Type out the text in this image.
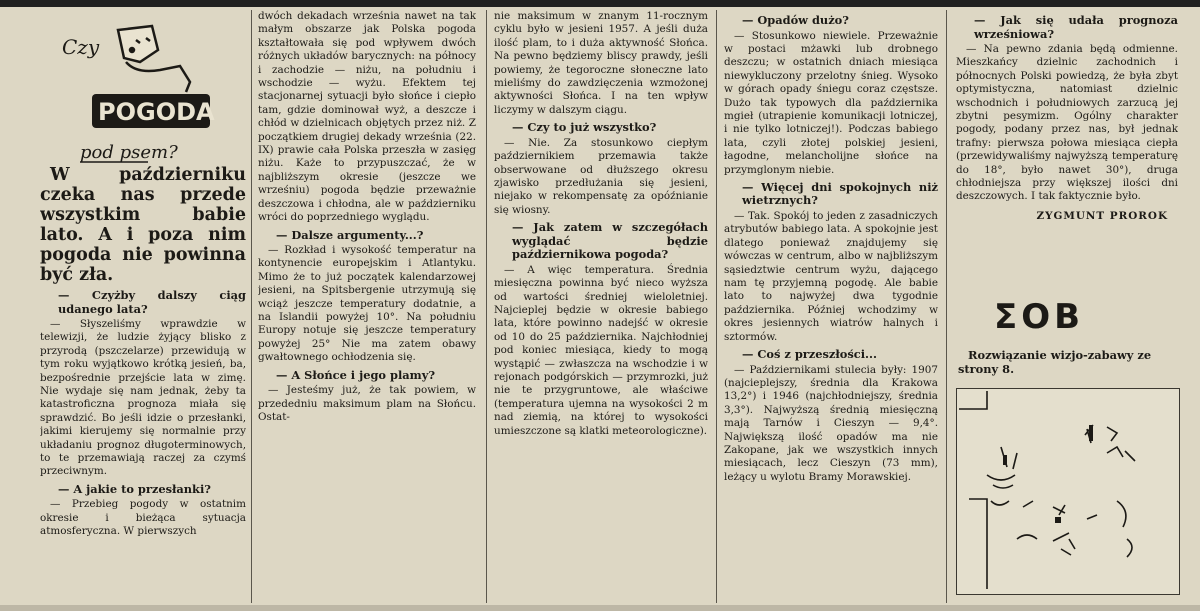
Czy
POGODA
pod psem?

W październiku czeka nas przede wszystkim babie lato. A i poza nim pogoda nie powinna być zła.

— Czyżby dalszy ciąg udanego lata?

— Słyszeliśmy wprawdzie w telewizji, że ludzie żyjący blisko z przyrodą (pszczelarze) przewidują w tym roku wyjątkowo krótką jesień, ba, bezpośrednie przejście lata w zimę. Nie wydaje się nam jednak, żeby ta katastroficzna prognoza miała się sprawdzić. Bo jeśli idzie o przesłanki, jakimi kierujemy się normalnie przy układaniu prognoz długoterminowych, to te przemawiają raczej za czymś przeciwnym.

— A jakie to przesłanki?

— Przebieg pogody w ostatnim okresie i bieżąca sytuacja atmosferyczna. W pierwszych

dwóch dekadach września nawet na tak małym obszarze jak Polska pogoda kształtowała się pod wpływem dwóch różnych układów barycznych: na północy i zachodzie — niżu, na południu i wschodzie — wyżu. Efektem tej stacjonarnej sytuacji było słońce i ciepło tam, gdzie dominował wyż, a deszcze i chłód w dzielnicach objętych przez niż. Z początkiem drugiej dekady września (22. IX) prawie cała Polska przeszła w zasięg niżu. Każe to przypuszczać, że w najbliższym okresie (jeszcze we wrześniu) pogoda będzie przeważnie deszczowa i chłodna, ale w październiku wróci do poprzedniego wyglądu.

— Dalsze argumenty...?

— Rozkład i wysokość temperatur na kontynencie europejskim i Atlantyku. Mimo że to już początek kalendarzowej jesieni, na Spitsbergenie utrzymują się wciąż jeszcze temperatury dodatnie, a na Islandii powyżej 10°. Na południu Europy notuje się jeszcze temperatury powyżej 25° Nie ma zatem obawy gwałtownego ochłodzenia się.

— A Słońce i jego plamy?

— Jesteśmy już, że tak powiem, w przededniu maksimum plam na Słońcu. Ostat-

nie maksimum w znanym 11-rocznym cyklu było w jesieni 1957. A jeśli duża ilość plam, to i duża aktywność Słońca. Na pewno będziemy bliscy prawdy, jeśli powiemy, że tegoroczne słoneczne lato mieliśmy do zawdzięczenia wzmożonej aktywności Słońca. I na ten wpływ liczymy w dalszym ciągu.

— Czy to już wszystko?

— Nie. Za stosunkowo ciepłym październikiem przemawia także obserwowane od dłuższego okresu zjawisko przedłużania się jesieni, niejako w rekompensatę za opóźnianie się wiosny.

— Jak zatem w szczegółach wyglądać będzie październikowa pogoda?

— A więc temperatura. Średnia miesięczna powinna być nieco wyższa od wartości średniej wieloletniej. Najcieplej będzie w okresie babiego lata, które powinno nadejść w okresie od 10 do 25 października. Najchłodniej pod koniec miesiąca, kiedy to mogą wystąpić — zwłaszcza na wschodzie i w rejonach podgórskich — przymrozki, już nie te przygruntowe, ale właściwe (temperatura ujemna na wysokości 2 m nad ziemią, na której to wysokości umieszczone są klatki meteorologiczne).

— Opadów dużo?

— Stosunkowo niewiele. Przeważnie w postaci mżawki lub drobnego deszczu; w ostatnich dniach miesiąca niewykluczony przelotny śnieg. Wysoko w górach opady śniegu coraz częstsze. Dużo tak typowych dla października mgieł (utrapienie komunikacji lotniczej, i nie tylko lotniczej!). Podczas babiego lata, czyli złotej polskiej jesieni, łagodne, melancholijne słońce na przymglonym niebie.

— Więcej dni spokojnych niż wietrznych?

— Tak. Spokój to jeden z zasadniczych atrybutów babiego lata. A spokojnie jest dlatego ponieważ znajdujemy się wówczas w centrum, albo w najbliższym sąsiedztwie centrum wyżu, dającego nam tę przyjemną pogodę. Ale babie lato to najwyżej dwa tygodnie października. Później wchodzimy w okres jesiennych wiatrów halnych i sztormów.

— Coś z przeszłości...

— Październikami stulecia były: 1907 (najcieplejszy, średnia dla Krakowa 13,2°) i 1946 (najchłodniejszy, średnia 3,3°). Najwyższą średnią miesięczną mają Tarnów i Cieszyn — 9,4°. Największą ilość opadów ma nie Zakopane, jak we wszystkich innych miesiącach, lecz Cieszyn (73 mm), leżący u wylotu Bramy Morawskiej.

— Jak się udała prognoza wrześniowa?

— Na pewno zdania będą odmienne. Mieszkańcy dzielnic zachodnich i północnych Polski powiedzą, że była zbyt optymistyczna, natomiast dzielnic wschodnich i południowych zarzucą jej zbytni pesymizm. Ogólny charakter pogody, podany przez nas, był jednak trafny: pierwsza połowa miesiąca ciepła (przewidywaliśmy najwyższą temperaturę do 18°, było nawet 30°), druga chłodniejsza przy większej ilości dni deszczowych. I tak faktycznie było.

ZYGMUNT PROROK
ΣOB
Rozwiązanie wizjo-zabawy ze strony 8.
